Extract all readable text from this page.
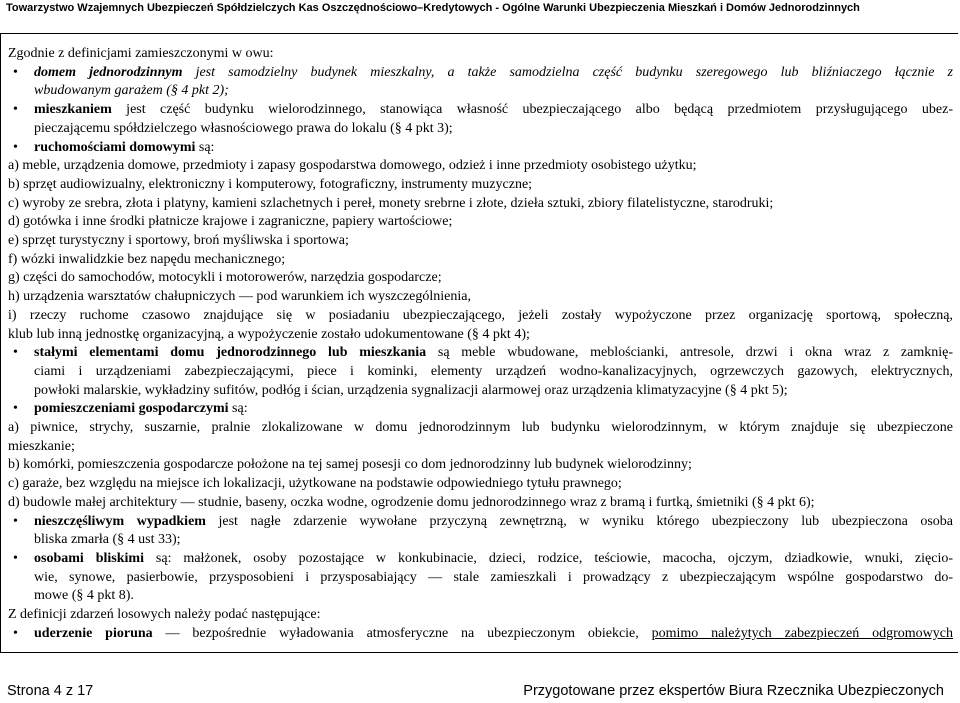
Towarzystwo Wzajemnych Ubezpieczeń Spółdzielczych Kas Oszczędnościowo–Kredytowych - Ogólne Warunki Ubezpieczenia Mieszkań i Domów Jednorodzinnych
Zgodnie z definicjami zamieszczonymi w owu:
• domem jednorodzinnym jest samodzielny budynek mieszkalny, a także samodzielna część budynku szeregowego lub bliźniaczego łącznie z
wbudowanym garażem (§ 4 pkt 2);
• mieszkaniem jest część budynku wielorodzinnego, stanowiąca własność ubezpieczającego albo będącą przedmiotem przysługującego ubez-
pieczającemu spółdzielczego własnościowego prawa do lokalu (§ 4 pkt 3);
• ruchomościami domowymi są:
a) meble, urządzenia domowe, przedmioty i zapasy gospodarstwa domowego, odzież i inne przedmioty osobistego użytku;
b) sprzęt audiowizualny, elektroniczny i komputerowy, fotograficzny, instrumenty muzyczne;
c) wyroby ze srebra, złota i platyny, kamieni szlachetnych i pereł, monety srebrne i złote, dzieła sztuki, zbiory filatelistyczne, starodruki;
d) gotówka i inne środki płatnicze krajowe i zagraniczne, papiery wartościowe;
e) sprzęt turystyczny i sportowy, broń myśliwska i sportowa;
f) wózki inwalidzkie bez napędu mechanicznego;
g) części do samochodów, motocykli i motorowerów, narzędzia gospodarcze;
h) urządzenia warsztatów chałupniczych — pod warunkiem ich wyszczególnienia,
i) rzeczy ruchome czasowo znajdujące się w posiadaniu ubezpieczającego, jeżeli zostały wypożyczone przez organizację sportową, społeczną,
klub lub inną jednostkę organizacyjną, a wypożyczenie zostało udokumentowane (§ 4 pkt 4);
• stałymi elementami domu jednorodzinnego lub mieszkania są meble wbudowane, meblościanki, antresole, drzwi i okna wraz z zamknię-
ciami i urządzeniami zabezpieczającymi, piece i kominki, elementy urządzeń wodno-kanalizacyjnych, ogrzewczych gazowych, elektrycznych,
powłoki malarskie, wykładziny sufitów, podłóg i ścian, urządzenia sygnalizacji alarmowej oraz urządzenia klimatyzacyjne (§ 4 pkt 5);
• pomieszczeniami gospodarczymi są:
a) piwnice, strychy, suszarnie, pralnie zlokalizowane w domu jednorodzinnym lub budynku wielorodzinnym, w którym znajduje się ubezpieczone
mieszkanie;
b) komórki, pomieszczenia gospodarcze położone na tej samej posesji co dom jednorodzinny lub budynek wielorodzinny;
c) garaże, bez względu na miejsce ich lokalizacji, użytkowane na podstawie odpowiedniego tytułu prawnego;
d) budowle małej architektury — studnie, baseny, oczka wodne, ogrodzenie domu jednorodzinnego wraz z bramą i furtką, śmietniki (§ 4 pkt 6);
• nieszczęśliwym wypadkiem jest nagłe zdarzenie wywołane przyczyną zewnętrzną, w wyniku którego ubezpieczony lub ubezpieczona osoba
bliska zmarła (§ 4 ust 33);
• osobami bliskimi są: małżonek, osoby pozostające w konkubinacie, dzieci, rodzice, teściowie, macocha, ojczym, dziadkowie, wnuki, zięcio-
wie, synowe, pasierbowie, przysposobieni i przysposabiający — stale zamieszkali i prowadzący z ubezpieczającym wspólne gospodarstwo do-
mowe (§ 4 pkt 8).
Z definicji zdarzeń losowych należy podać następujące:
• uderzenie pioruna — bezpośrednie wyładowania atmosferyczne na ubezpieczonym obiekcie, pomimo należytych zabezpieczeń odgromowych
Strona 4 z 17	Przygotowane przez ekspertów Biura Rzecznika Ubezpieczonych
